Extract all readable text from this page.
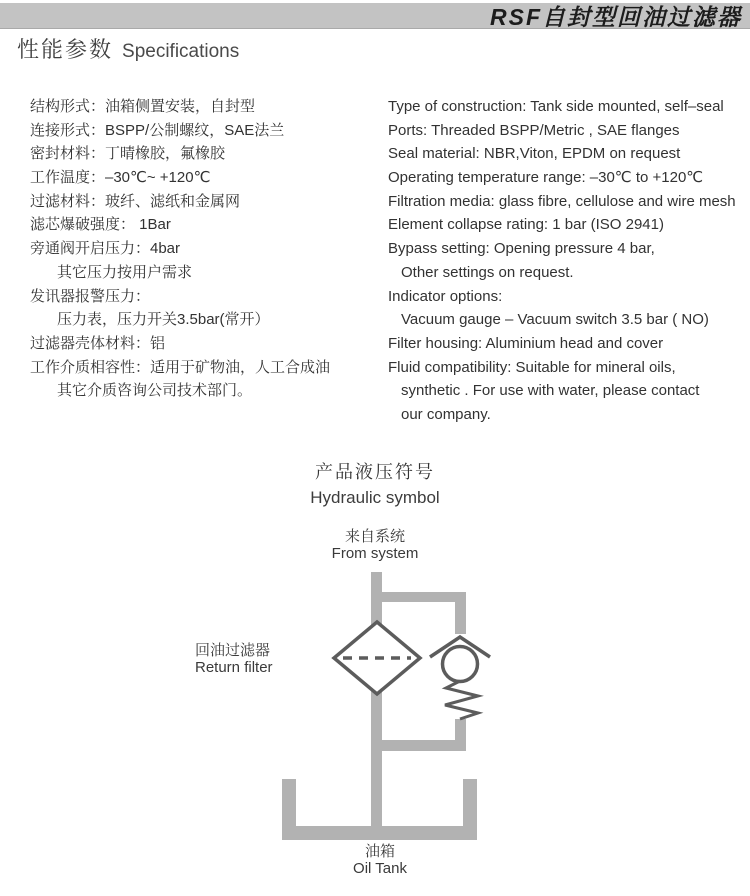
RSF自封型回油过滤器
性能参数 Specifications
结构形式：油箱侧置安装，自封型
连接形式：BSPP/公制螺纹，SAE法兰
密封材料：丁晴橡胶，氟橡胶
工作温度：–30℃~ +120℃
过滤材料：玻纤、滤纸和金属网
滤芯爆破强度： 1Bar
旁通阀开启压力：4bar
其它压力按用户需求
发讯器报警压力：
压力表，压力开关3.5bar(常开）
过滤器壳体材料：铝
工作介质相容性：适用于矿物油，人工合成油
其它介质咨询公司技术部门。
Type of construction: Tank side mounted, self–seal
Ports: Threaded BSPP/Metric , SAE flanges
Seal material: NBR,Viton, EPDM on request
Operating temperature range: –30℃ to +120℃
Filtration media: glass fibre, cellulose and wire mesh
Element collapse rating: 1 bar (ISO 2941)
Bypass setting: Opening pressure 4 bar,
Other settings on request.
Indicator options:
Vacuum gauge – Vacuum switch 3.5 bar ( NO)
Filter housing: Aluminium head and cover
Fluid compatibility: Suitable for mineral oils,
synthetic . For use with water, please contact
our company.
产品液压符号
Hydraulic symbol
来自系统
From system
回油过滤器
Return filter
油箱
Oil Tank
